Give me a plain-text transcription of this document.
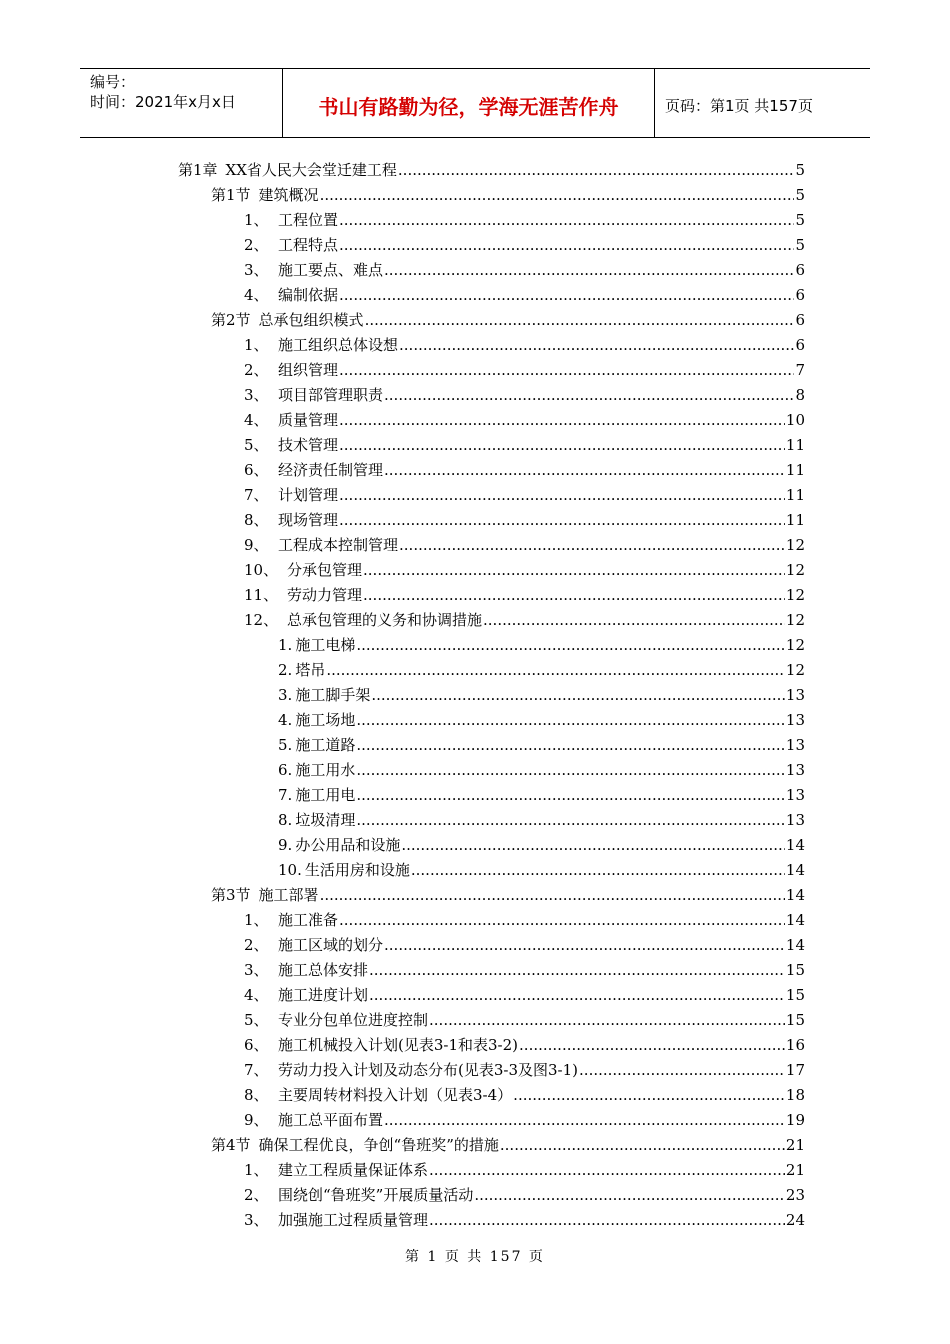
编号：
时间：2021年x月x日	书山有路勤为径，学海无涯苦作舟	页码：第1页 共157页
第1章 XX省人民大会堂迁建工程 .....	5
第1节 建筑概况 .....	5
1、 工程位置 .....	5
2、 工程特点 .....	5
3、 施工要点、难点 .....	6
4、 编制依据 .....	6
第2节 总承包组织模式 .....	6
1、 施工组织总体设想 .....	6
2、 组织管理 .....	7
3、 项目部管理职责 .....	8
4、 质量管理 .....	10
5、 技术管理 .....	11
6、 经济责任制管理 .....	11
7、 计划管理 .....	11
8、 现场管理 .....	11
9、 工程成本控制管理 .....	12
10、 分承包管理 .....	12
11、 劳动力管理 .....	12
12、 总承包管理的义务和协调措施 .....	12
1. 施工电梯 .....	12
2. 塔吊 .....	12
3. 施工脚手架 .....	13
4. 施工场地 .....	13
5. 施工道路 .....	13
6. 施工用水 .....	13
7. 施工用电 .....	13
8. 垃圾清理 .....	13
9. 办公用品和设施 .....	14
10. 生活用房和设施 .....	14
第3节 施工部署 .....	14
1、 施工准备 .....	14
2、 施工区域的划分 .....	14
3、 施工总体安排 .....	15
4、 施工进度计划 .....	15
5、 专业分包单位进度控制 .....	15
6、 施工机械投入计划(见表3-1和表3-2) .....	16
7、 劳动力投入计划及动态分布(见表3-3及图3-1) .....	17
8、 主要周转材料投入计划（见表3-4） .....	18
9、 施工总平面布置 .....	19
第4节 确保工程优良，争创“鲁班奖”的措施 .....	21
1、 建立工程质量保证体系 .....	21
2、 围绕创“鲁班奖”开展质量活动 .....	23
3、 加强施工过程质量管理 .....	24
第 1 页 共 157 页
